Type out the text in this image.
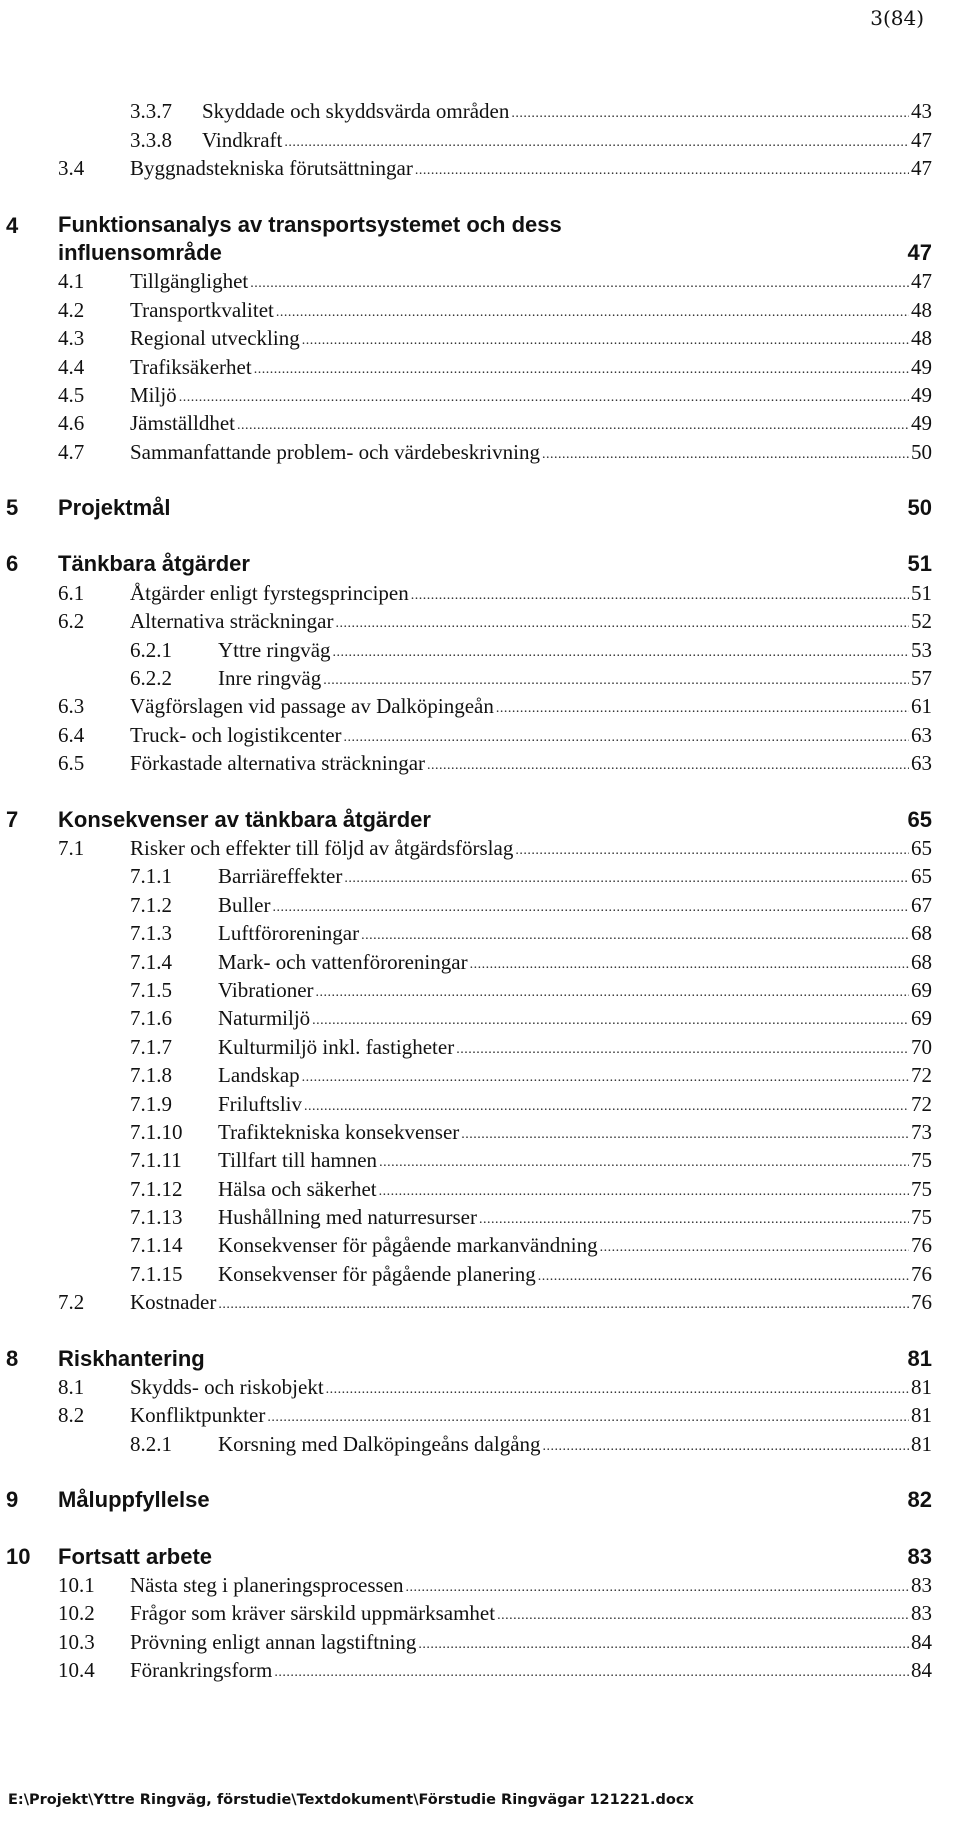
3(84)
3.3.7	Skyddade och skyddsvärda områden .....	43
3.3.8	Vindkraft .....	47
3.4	Byggnadstekniska förutsättningar .....	47
4	Funktionsanalys av transportsystemet och dess
influensområde	47
4.1	Tillgänglighet .....	47
4.2	Transportkvalitet .....	48
4.3	Regional utveckling .....	48
4.4	Trafiksäkerhet .....	49
4.5	Miljö .....	49
4.6	Jämställdhet .....	49
4.7	Sammanfattande problem- och värdebeskrivning .....	50
5	Projektmål	50
6	Tänkbara åtgärder	51
6.1	Åtgärder enligt fyrstegsprincipen .....	51
6.2	Alternativa sträckningar .....	52
6.2.1	Yttre ringväg .....	53
6.2.2	Inre ringväg .....	57
6.3	Vägförslagen vid passage av Dalköpingeån .....	61
6.4	Truck- och logistikcenter .....	63
6.5	Förkastade alternativa sträckningar .....	63
7	Konsekvenser av tänkbara åtgärder	65
7.1	Risker och effekter till följd av åtgärdsförslag .....	65
7.1.1	Barriäreffekter .....	65
7.1.2	Buller .....	67
7.1.3	Luftföroreningar .....	68
7.1.4	Mark- och vattenföroreningar .....	68
7.1.5	Vibrationer .....	69
7.1.6	Naturmiljö .....	69
7.1.7	Kulturmiljö inkl. fastigheter .....	70
7.1.8	Landskap .....	72
7.1.9	Friluftsliv .....	72
7.1.10	Trafiktekniska konsekvenser .....	73
7.1.11	Tillfart till hamnen .....	75
7.1.12	Hälsa och säkerhet .....	75
7.1.13	Hushållning med naturresurser .....	75
7.1.14	Konsekvenser för pågående markanvändning .....	76
7.1.15	Konsekvenser för pågående planering .....	76
7.2	Kostnader .....	76
8	Riskhantering	81
8.1	Skydds- och riskobjekt .....	81
8.2	Konfliktpunkter .....	81
8.2.1	Korsning med Dalköpingeåns dalgång .....	81
9	Måluppfyllelse	82
10	Fortsatt arbete	83
10.1	Nästa steg i planeringsprocessen .....	83
10.2	Frågor som kräver särskild uppmärksamhet .....	83
10.3	Prövning enligt annan lagstiftning .....	84
10.4	Förankringsform .....	84
E:\Projekt\Yttre Ringväg, förstudie\Textdokument\Förstudie Ringvägar 121221.docx
